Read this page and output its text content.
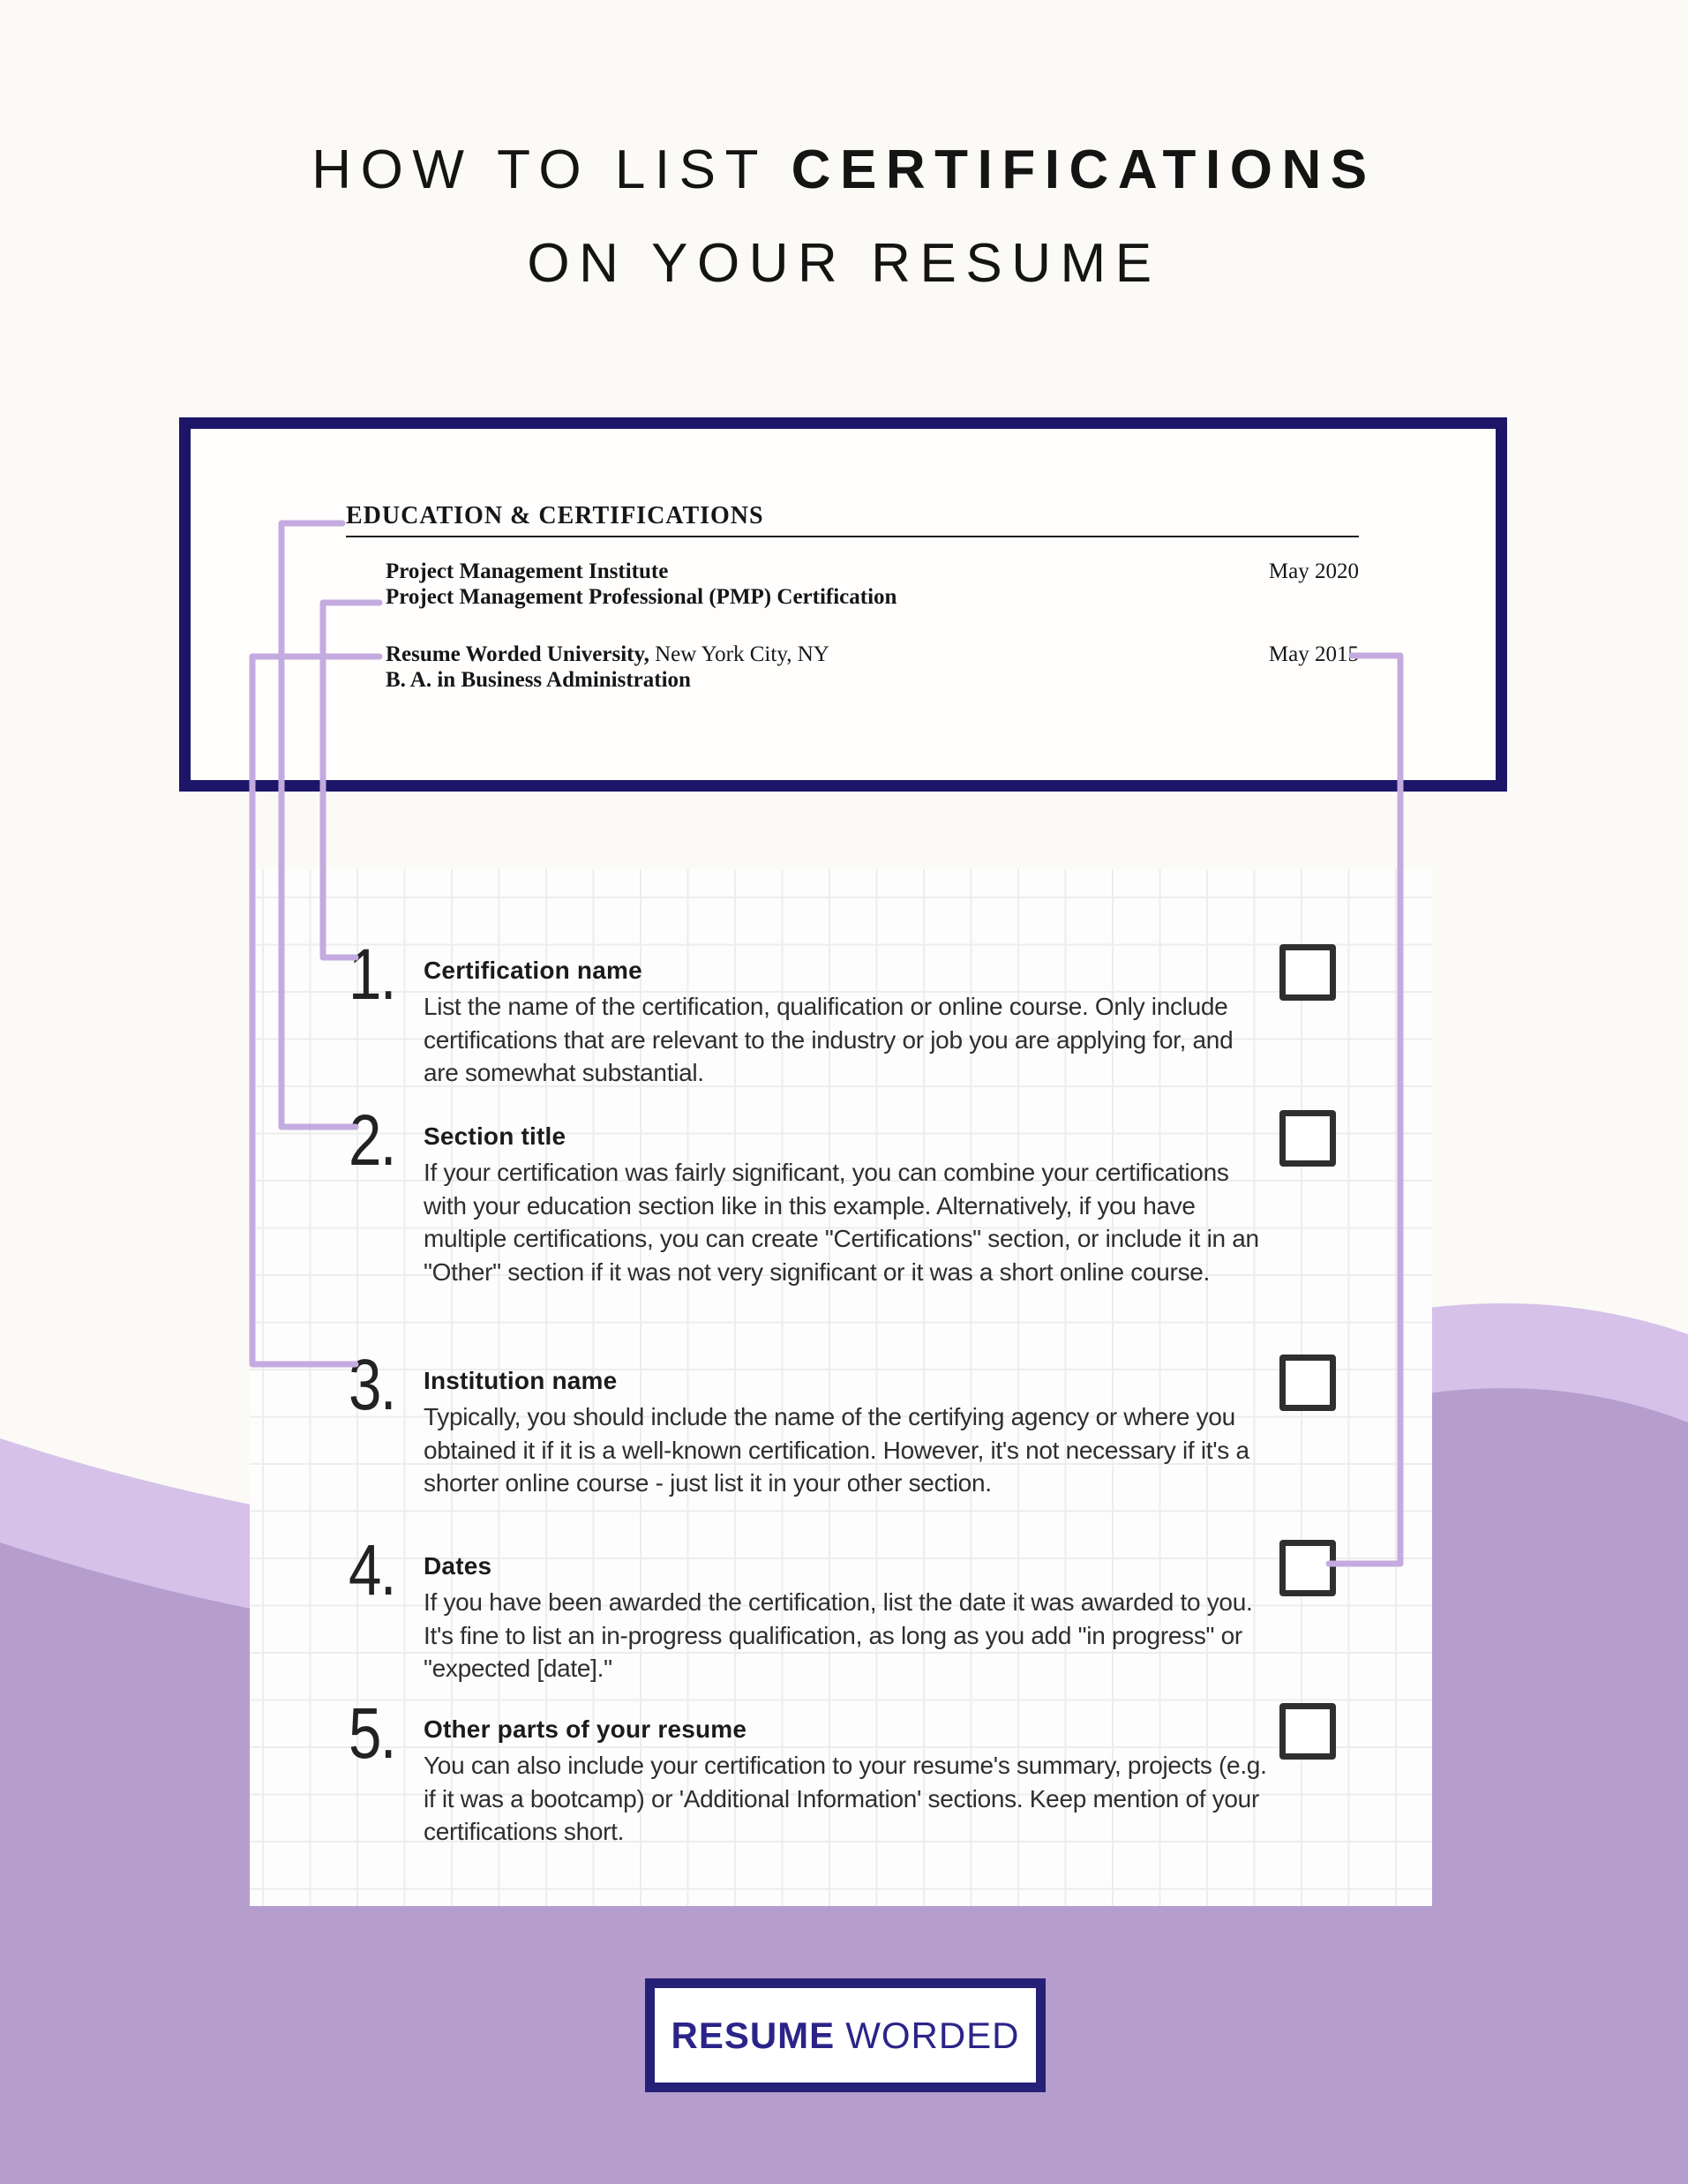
HOW TO LIST CERTIFICATIONS
ON YOUR RESUME
1. Certification name
List the name of the certification, qualification or online course. Only include certifications that are relevant to the industry or job you are applying for, and are somewhat substantial.
2. Section title
If your certification was fairly significant, you can combine your certifications with your education section like in this example. Alternatively, if you have multiple certifications, you can create "Certifications" section, or include it in an "Other" section if it was not very significant or it was a short online course.
3. Institution name
Typically, you should include the name of the certifying agency or where you obtained it if it is a well-known certification. However, it's not necessary if it's a shorter online course - just list it in your other section.
4. Dates
If you have been awarded the certification, list the date it was awarded to you. It's fine to list an in-progress qualification, as long as you add "in progress" or "expected [date]."
5. Other parts of your resume
You can also include your certification to your resume's summary, projects (e.g. if it was a bootcamp) or 'Additional Information' sections. Keep mention of your certifications short.
EDUCATION & CERTIFICATIONS
Project Management Institute	May 2020
Project Management Professional (PMP) Certification
Resume Worded University, New York City, NY	May 2015
B. A. in Business Administration
RESUME WORDED
